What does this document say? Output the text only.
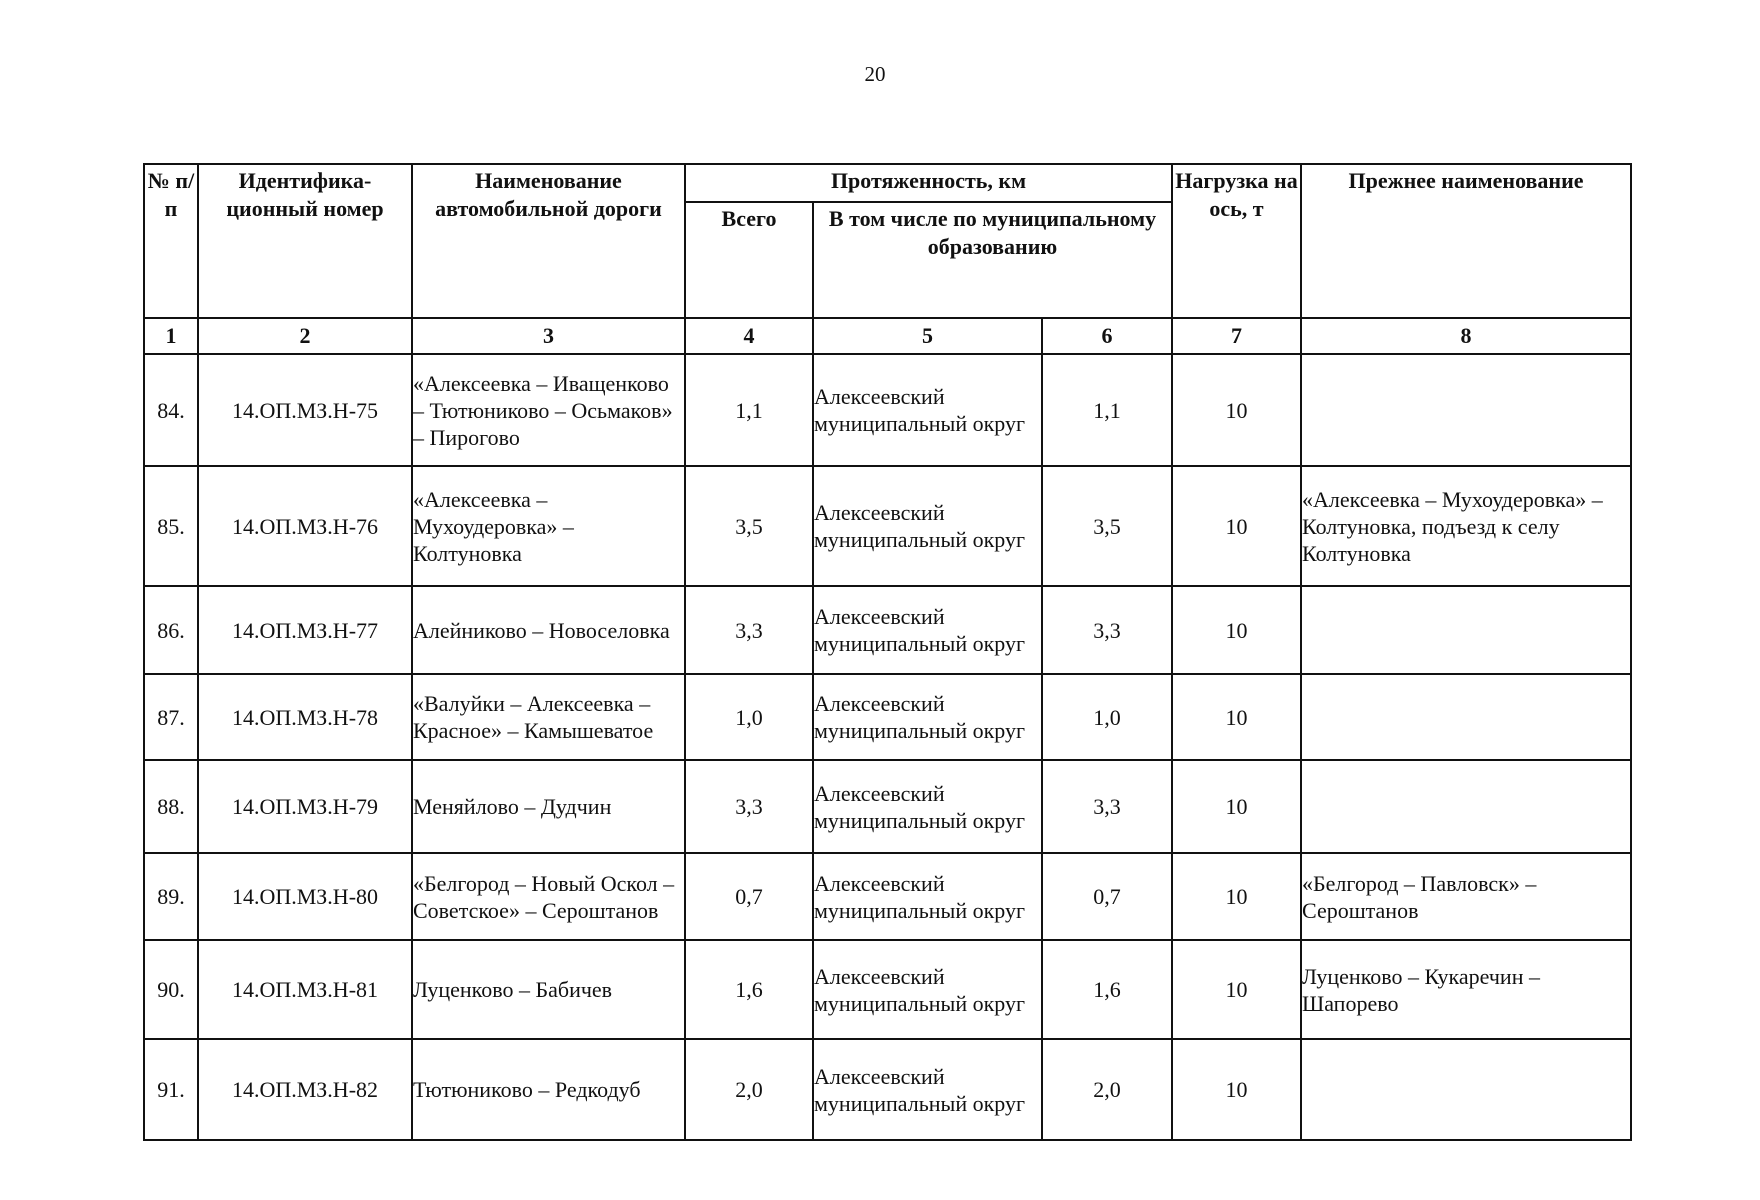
20
№ п/п	Идентифика-ционный номер	Наименование автомобильной дороги	Протяженность, км			Нагрузка на ось, т	Прежнее наименование
			Всего	В том числе по муниципальному образованию			
1	2	3	4	5	6	7	8
84.	14.ОП.МЗ.Н-75	«Алексеевка – Иващенково – Тютюниково – Осьмаков» – Пирогово	1,1	Алексеевский муниципальный округ	1,1	10	
85.	14.ОП.МЗ.Н-76	«Алексеевка – Мухоудеровка» – Колтуновка	3,5	Алексеевский муниципальный округ	3,5	10	«Алексеевка – Мухоудеровка» – Колтуновка, подъезд к селу Колтуновка
86.	14.ОП.МЗ.Н-77	Алейниково – Новоселовка	3,3	Алексеевский муниципальный округ	3,3	10	
87.	14.ОП.МЗ.Н-78	«Валуйки – Алексеевка – Красное» – Камышеватое	1,0	Алексеевский муниципальный округ	1,0	10	
88.	14.ОП.МЗ.Н-79	Меняйлово – Дудчин	3,3	Алексеевский муниципальный округ	3,3	10	
89.	14.ОП.МЗ.Н-80	«Белгород – Новый Оскол – Советское» – Сероштанов	0,7	Алексеевский муниципальный округ	0,7	10	«Белгород – Павловск» – Сероштанов
90.	14.ОП.МЗ.Н-81	Луценково – Бабичев	1,6	Алексеевский муниципальный округ	1,6	10	Луценково – Кукаречин – Шапорево
91.	14.ОП.МЗ.Н-82	Тютюниково – Редкодуб	2,0	Алексеевский муниципальный округ	2,0	10	
